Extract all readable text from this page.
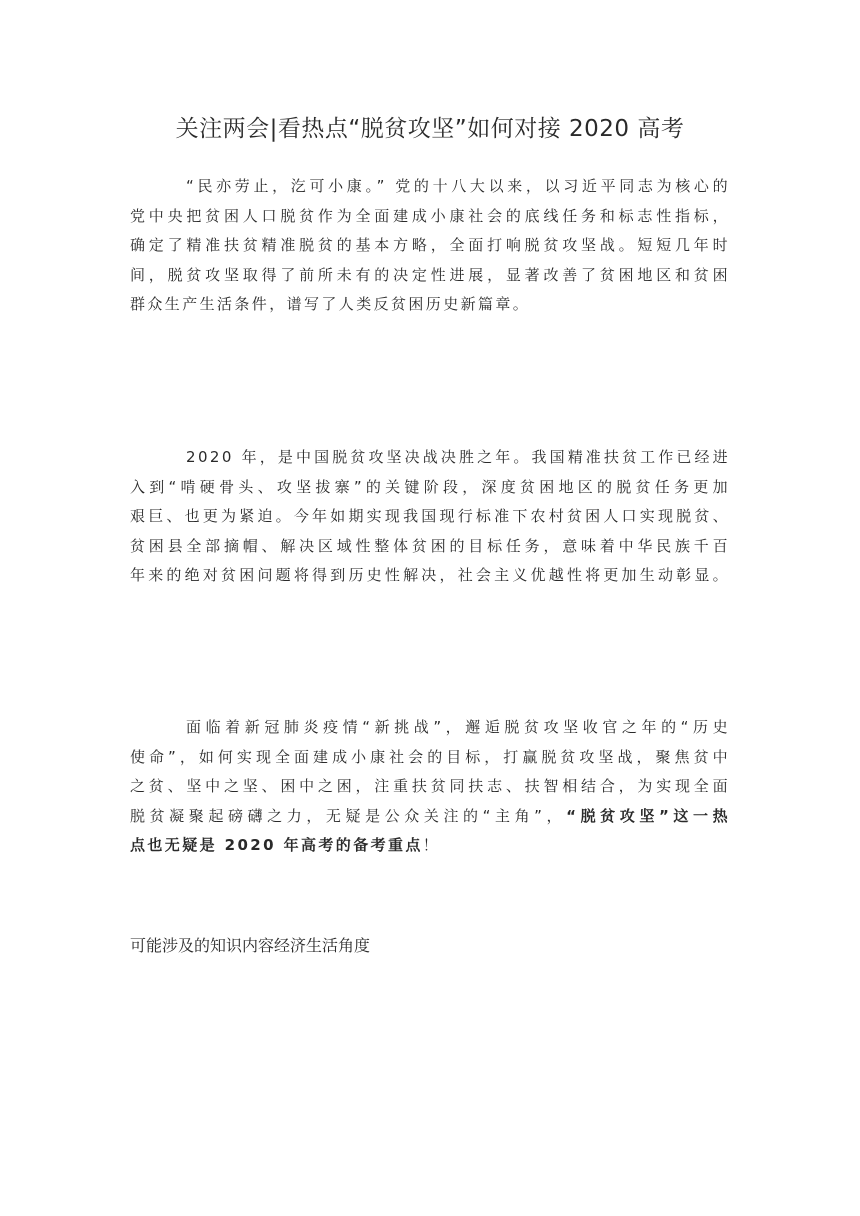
关注两会|看热点“脱贫攻坚”如何对接 2020 高考
“民亦劳止，汔可小康。” 党的十八大以来，以习近平同志为核心的
党中央把贫困人口脱贫作为全面建成小康社会的底线任务和标志性指标，
确定了精准扶贫精准脱贫的基本方略，全面打响脱贫攻坚战。短短几年时
间，脱贫攻坚取得了前所未有的决定性进展，显著改善了贫困地区和贫困
群众生产生活条件，谱写了人类反贫困历史新篇章。
2020 年，是中国脱贫攻坚决战决胜之年。我国精准扶贫工作已经进
入到“啃硬骨头、攻坚拔寨”的关键阶段，深度贫困地区的脱贫任务更加
艰巨、也更为紧迫。今年如期实现我国现行标准下农村贫困人口实现脱贫、
贫困县全部摘帽、解决区域性整体贫困的目标任务，意味着中华民族千百
年来的绝对贫困问题将得到历史性解决，社会主义优越性将更加生动彰显。
面临着新冠肺炎疫情“新挑战”，邂逅脱贫攻坚收官之年的“历史
使命”，如何实现全面建成小康社会的目标，打赢脱贫攻坚战，聚焦贫中
之贫、坚中之坚、困中之困，注重扶贫同扶志、扶智相结合，为实现全面
脱贫凝聚起磅礴之力，无疑是公众关注的“主角”，“脱贫攻坚”这一热
点也无疑是 2020 年高考的备考重点！
可能涉及的知识内容经济生活角度
